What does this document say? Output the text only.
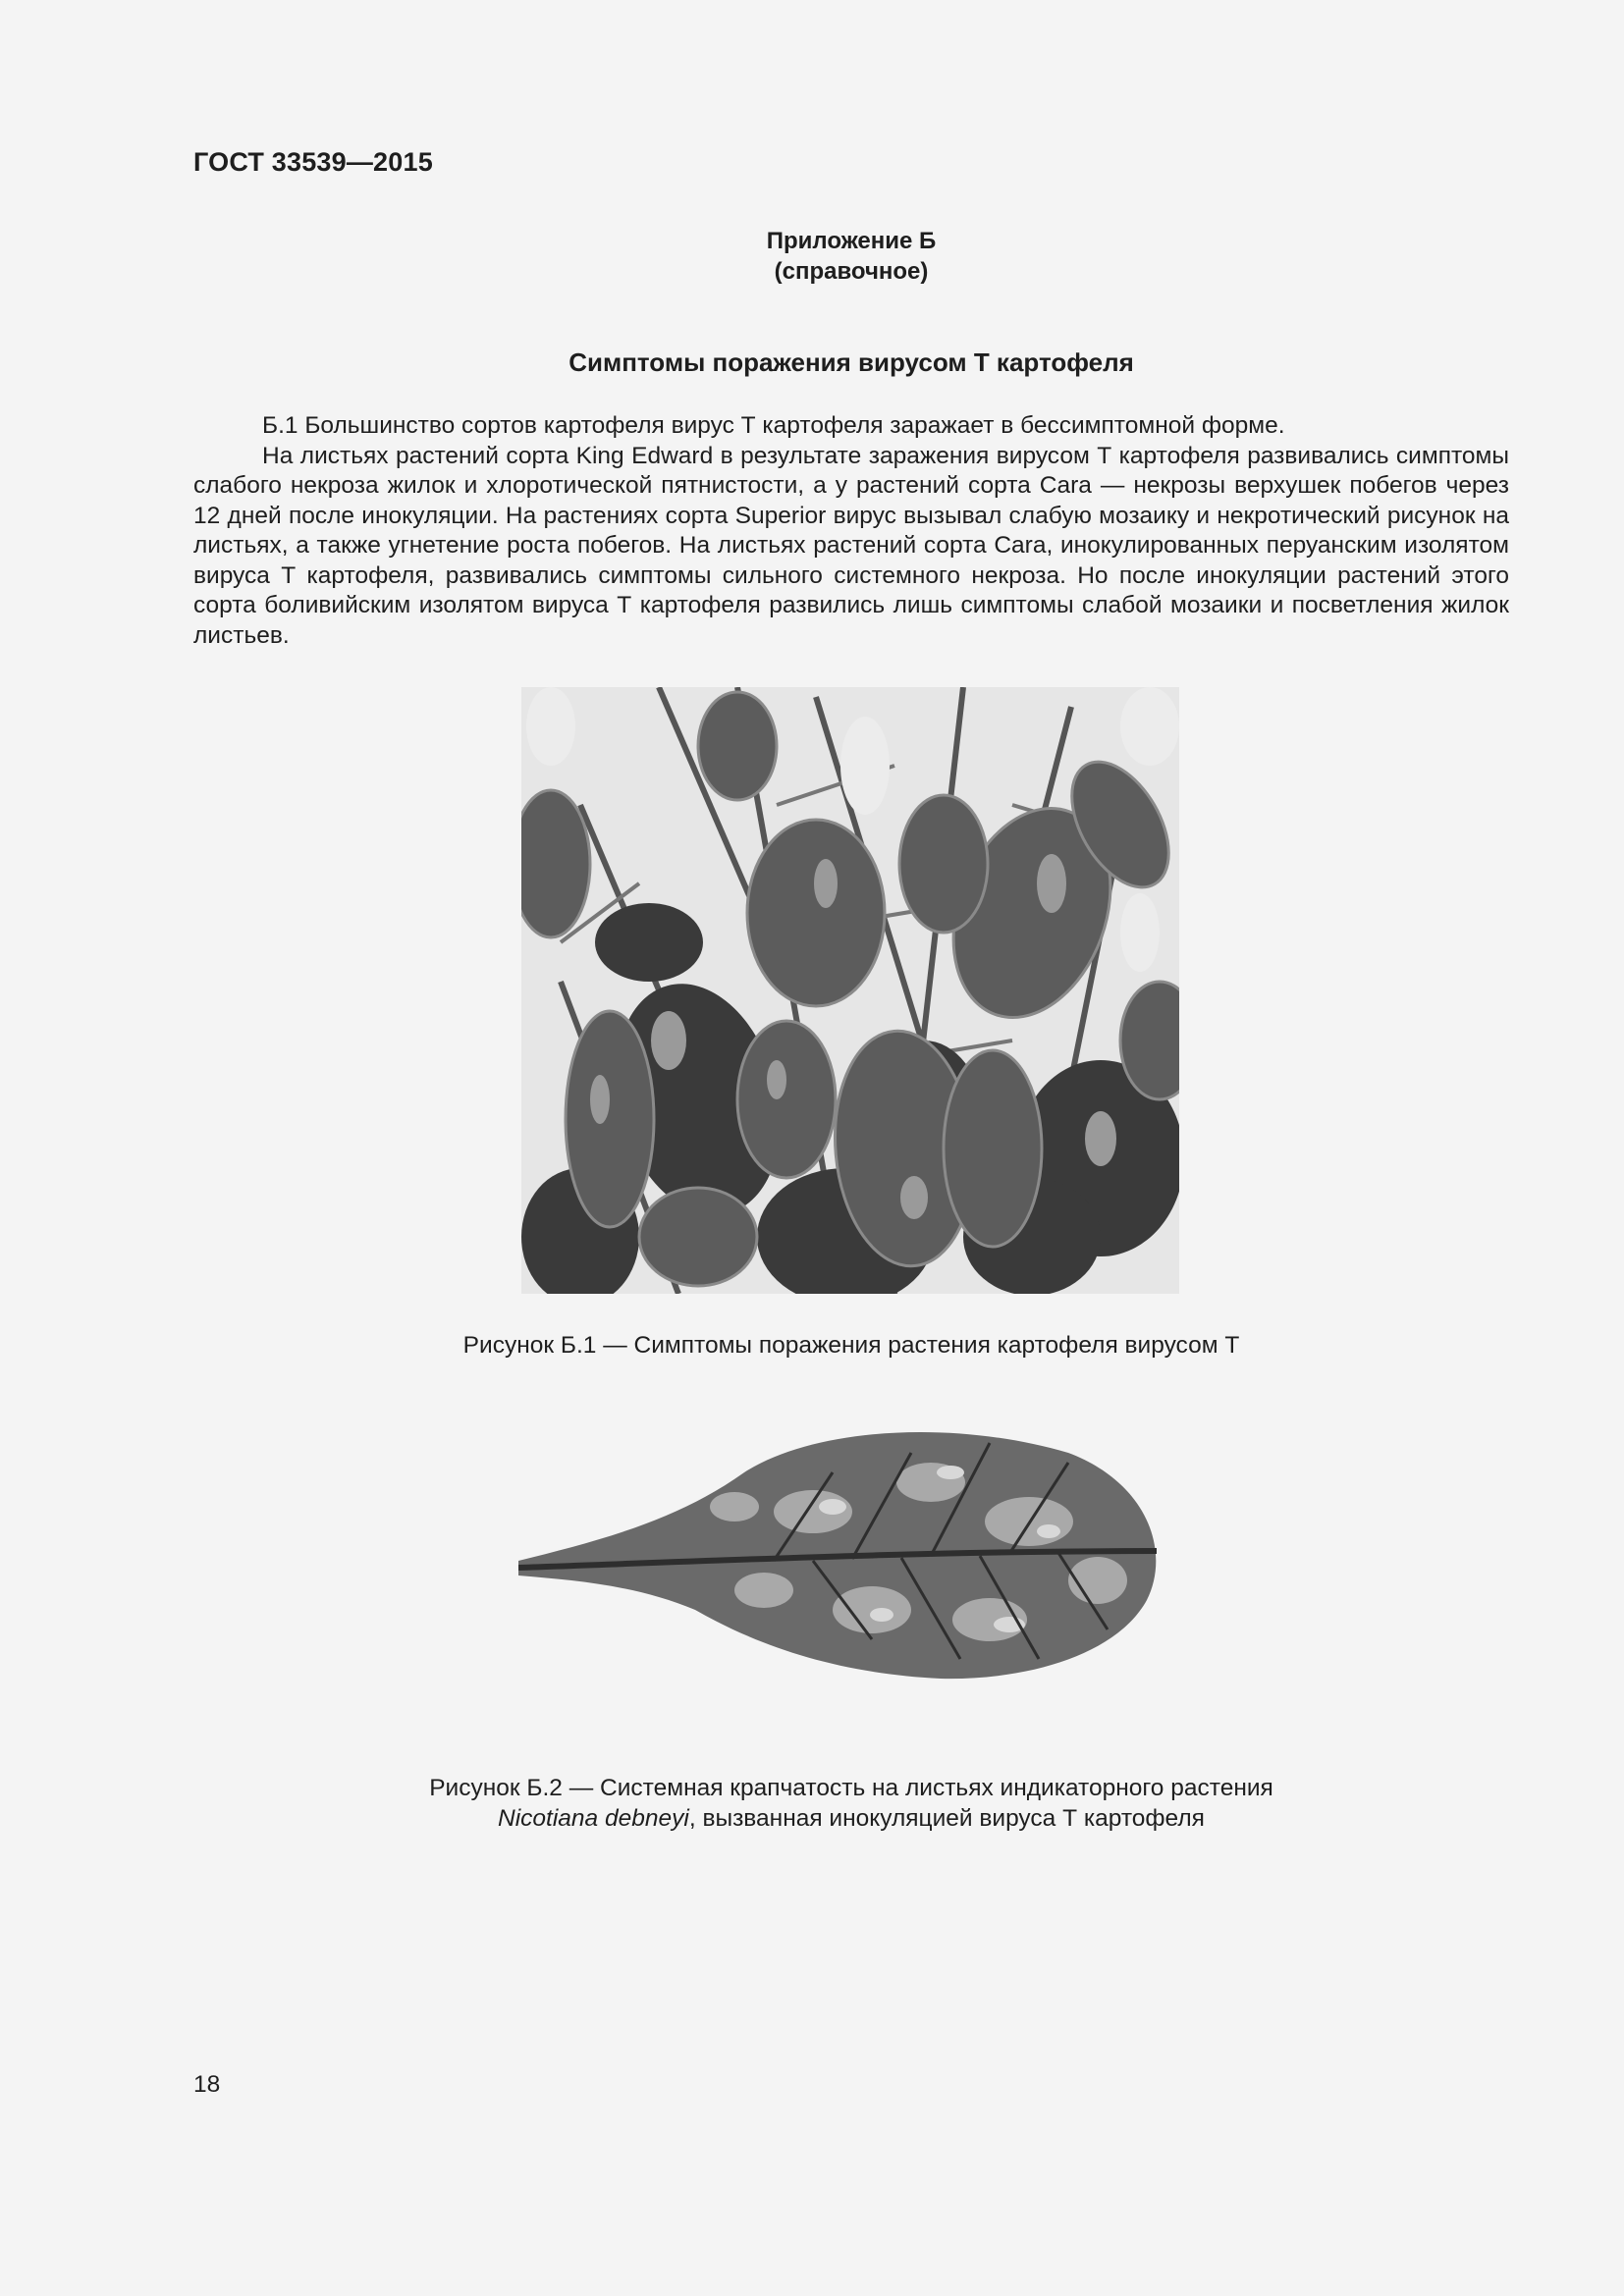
ГОСТ 33539—2015
Приложение Б
(справочное)
Симптомы поражения вирусом Т картофеля

Б.1 Большинство сортов картофеля вирус Т картофеля заражает в бессимптомной форме.

На листьях растений сорта King Edward в результате заражения вирусом Т картофеля развивались симптомы слабого некроза жилок и хлоротической пятнистости, а у растений сорта Cara — некрозы верхушек побегов через 12 дней после инокуляции. На растениях сорта Superior вирус вызывал слабую мозаику и некротический рисунок на листьях, а также угнетение роста побегов. На листьях растений сорта Cara, инокулированных перуанским изолятом вируса Т картофеля, развивались симптомы сильного системного некроза. Но после инокуляции растений этого сорта боливийским изолятом вируса Т картофеля развились лишь симптомы слабой мозаики и посветления жилок листьев.

Рисунок Б.1 — Симптомы поражения растения картофеля вирусом Т
Рисунок Б.2 — Системная крапчатость на листьях индикаторного растения
Nicotiana debneyi, вызванная инокуляцией вируса Т картофеля
18
